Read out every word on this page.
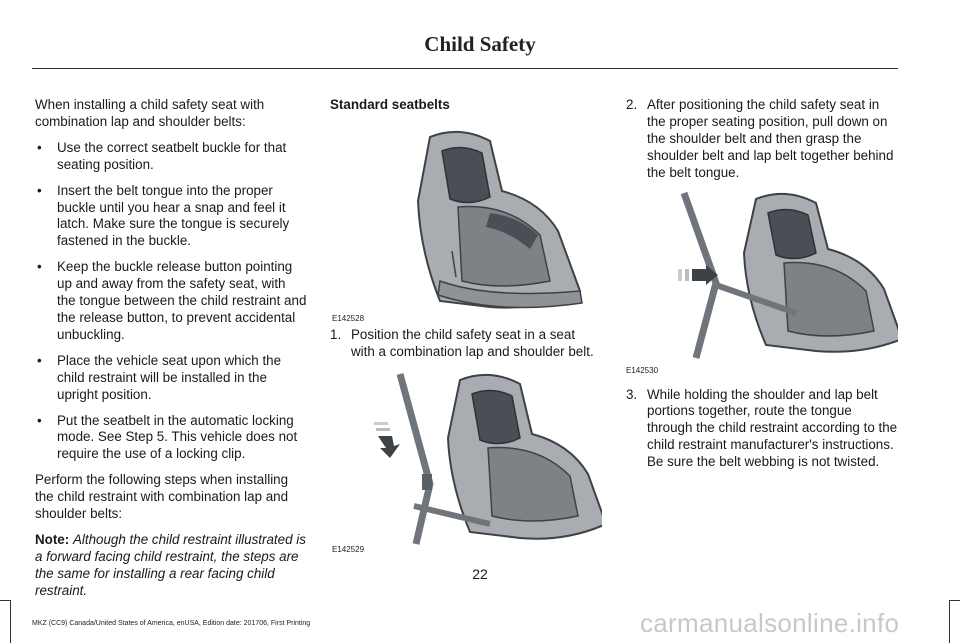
Child Safety

When installing a child safety seat with combination lap and shoulder belts:

• Use the correct seatbelt buckle for that seating position.
• Insert the belt tongue into the proper buckle until you hear a snap and feel it latch. Make sure the tongue is securely fastened in the buckle.
• Keep the buckle release button pointing up and away from the safety seat, with the tongue between the child restraint and the release button, to prevent accidental unbuckling.
• Place the vehicle seat upon which the child restraint will be installed in the upright position.
• Put the seatbelt in the automatic locking mode. See Step 5. This vehicle does not require the use of a locking clip.

Perform the following steps when installing the child restraint with combination lap and shoulder belts:

Note: Although the child restraint illustrated is a forward facing child restraint, the steps are the same for installing a rear facing child restraint.

Standard seatbelts

E142528
1. Position the child safety seat in a seat with a combination lap and shoulder belt.
E142529
2. After positioning the child safety seat in the proper seating position, pull down on the shoulder belt and then grasp the shoulder belt and lap belt together behind the belt tongue.
E142530
3. While holding the shoulder and lap belt portions together, route the tongue through the child restraint according to the child restraint manufacturer's instructions. Be sure the belt webbing is not twisted.
22
MKZ (CC9) Canada/United States of America, enUSA, Edition date: 201706, First Printing	carmanualsonline.info
